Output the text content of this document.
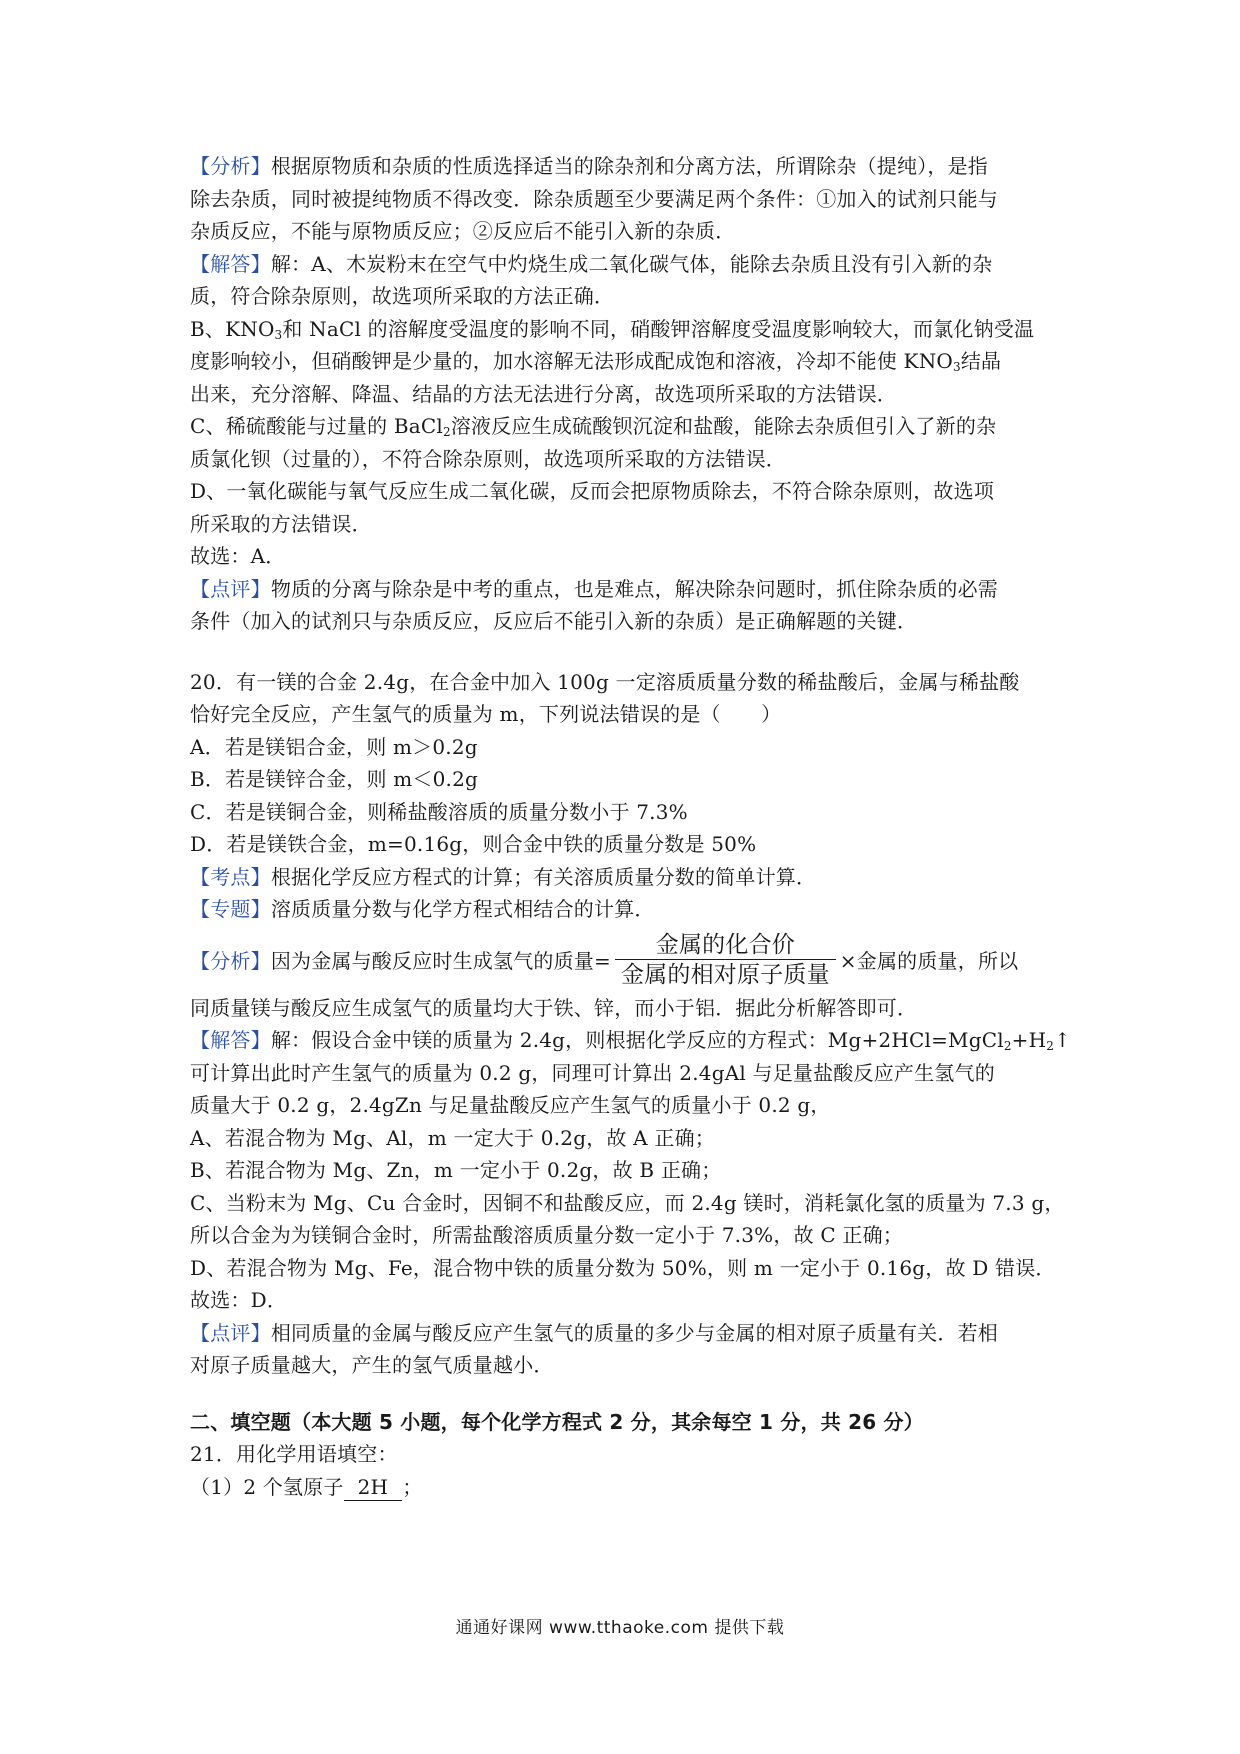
【分析】根据原物质和杂质的性质选择适当的除杂剂和分离方法，所谓除杂（提纯），是指
除去杂质，同时被提纯物质不得改变．除杂质题至少要满足两个条件：①加入的试剂只能与
杂质反应，不能与原物质反应；②反应后不能引入新的杂质．
【解答】解：A、木炭粉末在空气中灼烧生成二氧化碳气体，能除去杂质且没有引入新的杂
质，符合除杂原则，故选项所采取的方法正确．
B、$KNO_3$和 NaCl 的溶解度受温度的影响不同，硝酸钾溶解度受温度影响较大，而氯化钠受温
度影响较小，但硝酸钾是少量的，加水溶解无法形成配成饱和溶液，冷却不能使 $KNO_3$结晶
出来，充分溶解、降温、结晶的方法无法进行分离，故选项所采取的方法错误．
C、稀硫酸能与过量的 BaCl$_2$溶液反应生成硫酸钡沉淀和盐酸，能除去杂质但引入了新的杂
质氯化钡（过量的），不符合除杂原则，故选项所采取的方法错误．
D、一氧化碳能与氧气反应生成二氧化碳，反而会把原物质除去，不符合除杂原则，故选项
所采取的方法错误．
故选：A．
【点评】物质的分离与除杂是中考的重点，也是难点，解决除杂问题时，抓住除杂质的必需
条件（加入的试剂只与杂质反应，反应后不能引入新的杂质）是正确解题的关键．
20．有一镁的合金 2.4g，在合金中加入 100g 一定溶质质量分数的稀盐酸后，金属与稀盐酸
恰好完全反应，产生氢气的质量为 m，下列说法错误的是（　　）
A．若是镁铝合金，则 m＞0.2g
B．若是镁锌合金，则 m＜0.2g
C．若是镁铜合金，则稀盐酸溶质的质量分数小于 7.3%
D．若是镁铁合金，m=0.16g，则合金中铁的质量分数是 50%
【考点】根据化学反应方程式的计算；有关溶质质量分数的简单计算．
【专题】溶质质量分数与化学方程式相结合的计算．
【分析】 因为金属与酸反应时生成氢气的质量= $\frac{\text{金属的化合价}}{\text{金属的相对原子质量}}$ ×金属的质量，所以
同质量镁与酸反应生成氢气的质量均大于铁、锌，而小于铝．据此分析解答即可．
【解答】解：假设合金中镁的质量为 2.4g，则根据化学反应的方程式：$Mg+2HCl=MgCl_2+H_2↑$
可计算出此时产生氢气的质量为 0.2 g，同理可计算出 2.4gAl 与足量盐酸反应产生氢气的
质量大于 0.2 g，2.4gZn 与足量盐酸反应产生氢气的质量小于 0.2 g，
A、若混合物为 Mg、Al，m 一定大于 0.2g，故 A 正确；
B、若混合物为 Mg、Zn，m 一定小于 0.2g，故 B 正确；
C、当粉末为 Mg、Cu 合金时，因铜不和盐酸反应，而 2.4g 镁时，消耗氯化氢的质量为 7.3 g，
所以合金为为镁铜合金时，所需盐酸溶质质量分数一定小于 7.3%，故 C 正确；
D、若混合物为 Mg、Fe，混合物中铁的质量分数为 50%，则 m 一定小于 0.16g，故 D 错误．
故选：D．
【点评】相同质量的金属与酸反应产生氢气的质量的多少与金属的相对原子质量有关．若相
对原子质量越大，产生的氢气质量越小．
二、填空题（本大题 5 小题，每个化学方程式 2 分，其余每空 1 分，共 26 分）
21．用化学用语填空：
（1）2 个氢原子 2H ；
通通好课网 www.tthaoke.com 提供下载
